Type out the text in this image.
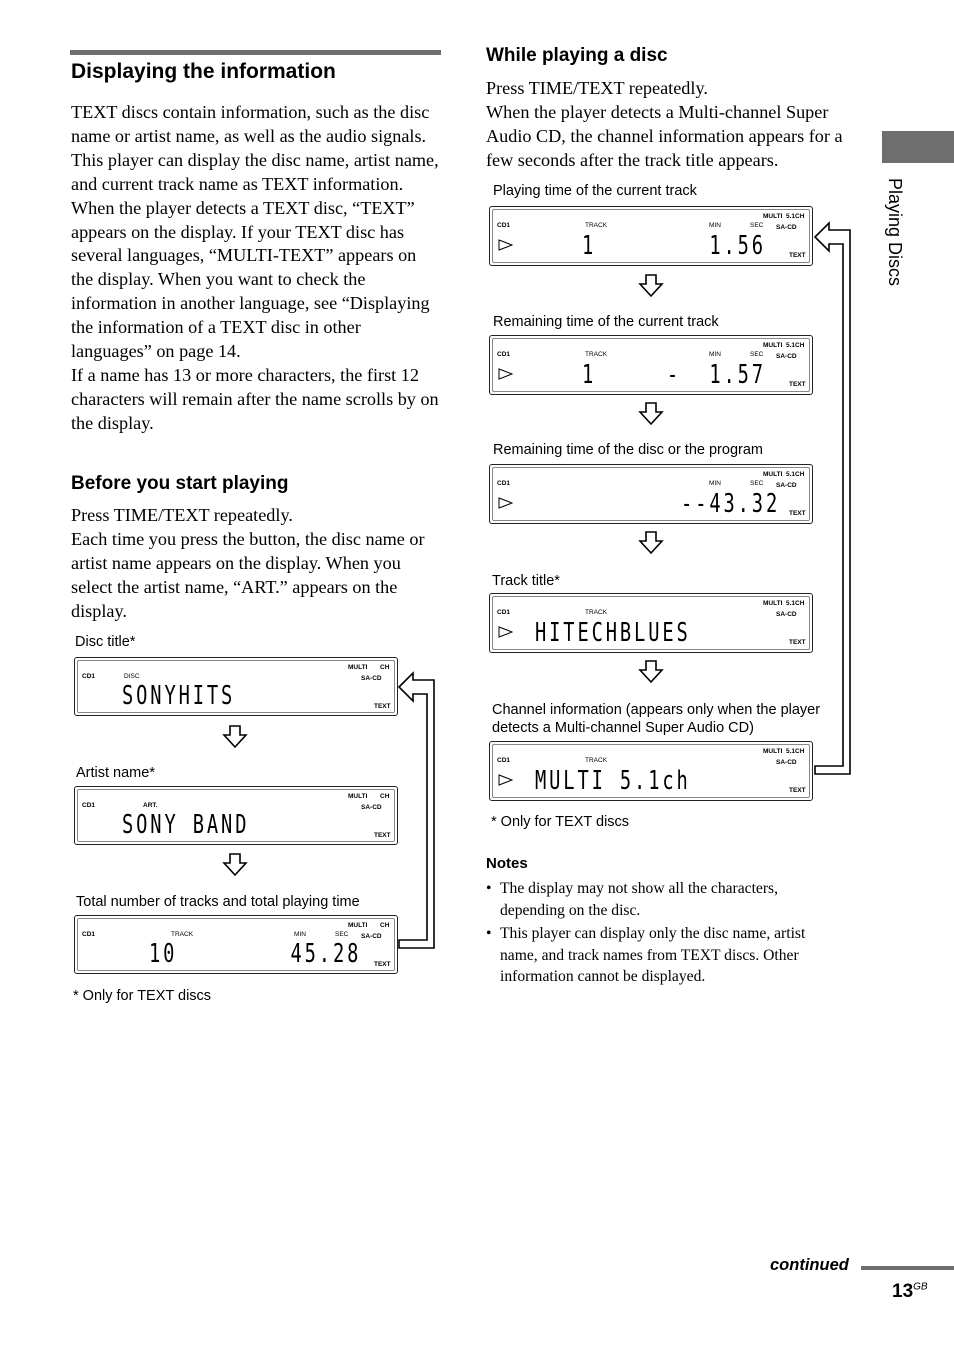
Playing Discs
Displaying the information

TEXT discs contain information, such as the disc name or artist name, as well as the audio signals. This player can display the disc name, artist name, and current track name as TEXT information.

When the player detects a TEXT disc, “TEXT” appears on the display. If your TEXT disc has several languages, “MULTI-TEXT” appears on the display. When you want to check the information in another language, see “Displaying the information of a TEXT disc in other languages” on page 14.

If a name has 13 or more characters, the first 12 characters will remain after the name scrolls by on the display.

Before you start playing

Press TIME/TEXT repeatedly.

Each time you press the button, the disc name or artist name appears on the display. When you select the artist name, “ART.” appears on the display.

Disc title*
Artist name*
Total number of tracks and total playing time
CD1	DISC
MULTI CH
SA-CD
TEXT
SONYHITS
CD1	ART.
MULTI CH
SA-CD
TEXT
SONY BAND
CD1	TRACK	MIN	SEC
MULTI CH
SA-CD
TEXT
10        45.28
* Only for TEXT discs
While playing a disc

Press TIME/TEXT repeatedly.

When the player detects a Multi-channel Super Audio CD, the channel information appears for a few seconds after the track title appears.

Playing time of the current track
Remaining time of the current track
Remaining time of the disc or the program
Track title*
Channel information (appears only when the player detects a Multi-channel Super Audio CD)
CD1	TRACK	MIN	SEC
MULTI 5.1CH
SA-CD
TEXT
1        1.56
CD1	TRACK	MIN	SEC
MULTI 5.1CH
SA-CD
TEXT
1     -  1.57
CD1	MIN	SEC
MULTI 5.1CH
SA-CD
TEXT
--43.32
CD1	TRACK
MULTI 5.1CH
SA-CD
TEXT
HITECHBLUES
CD1	TRACK
MULTI 5.1CH
SA-CD
TEXT
MULTI 5.1ch
* Only for TEXT discs
Notes
• The display may not show all the characters, depending on the disc.
• This player can display only the disc name, artist name, and track names from TEXT discs. Other information cannot be displayed.
continued
$13^{GB}$
